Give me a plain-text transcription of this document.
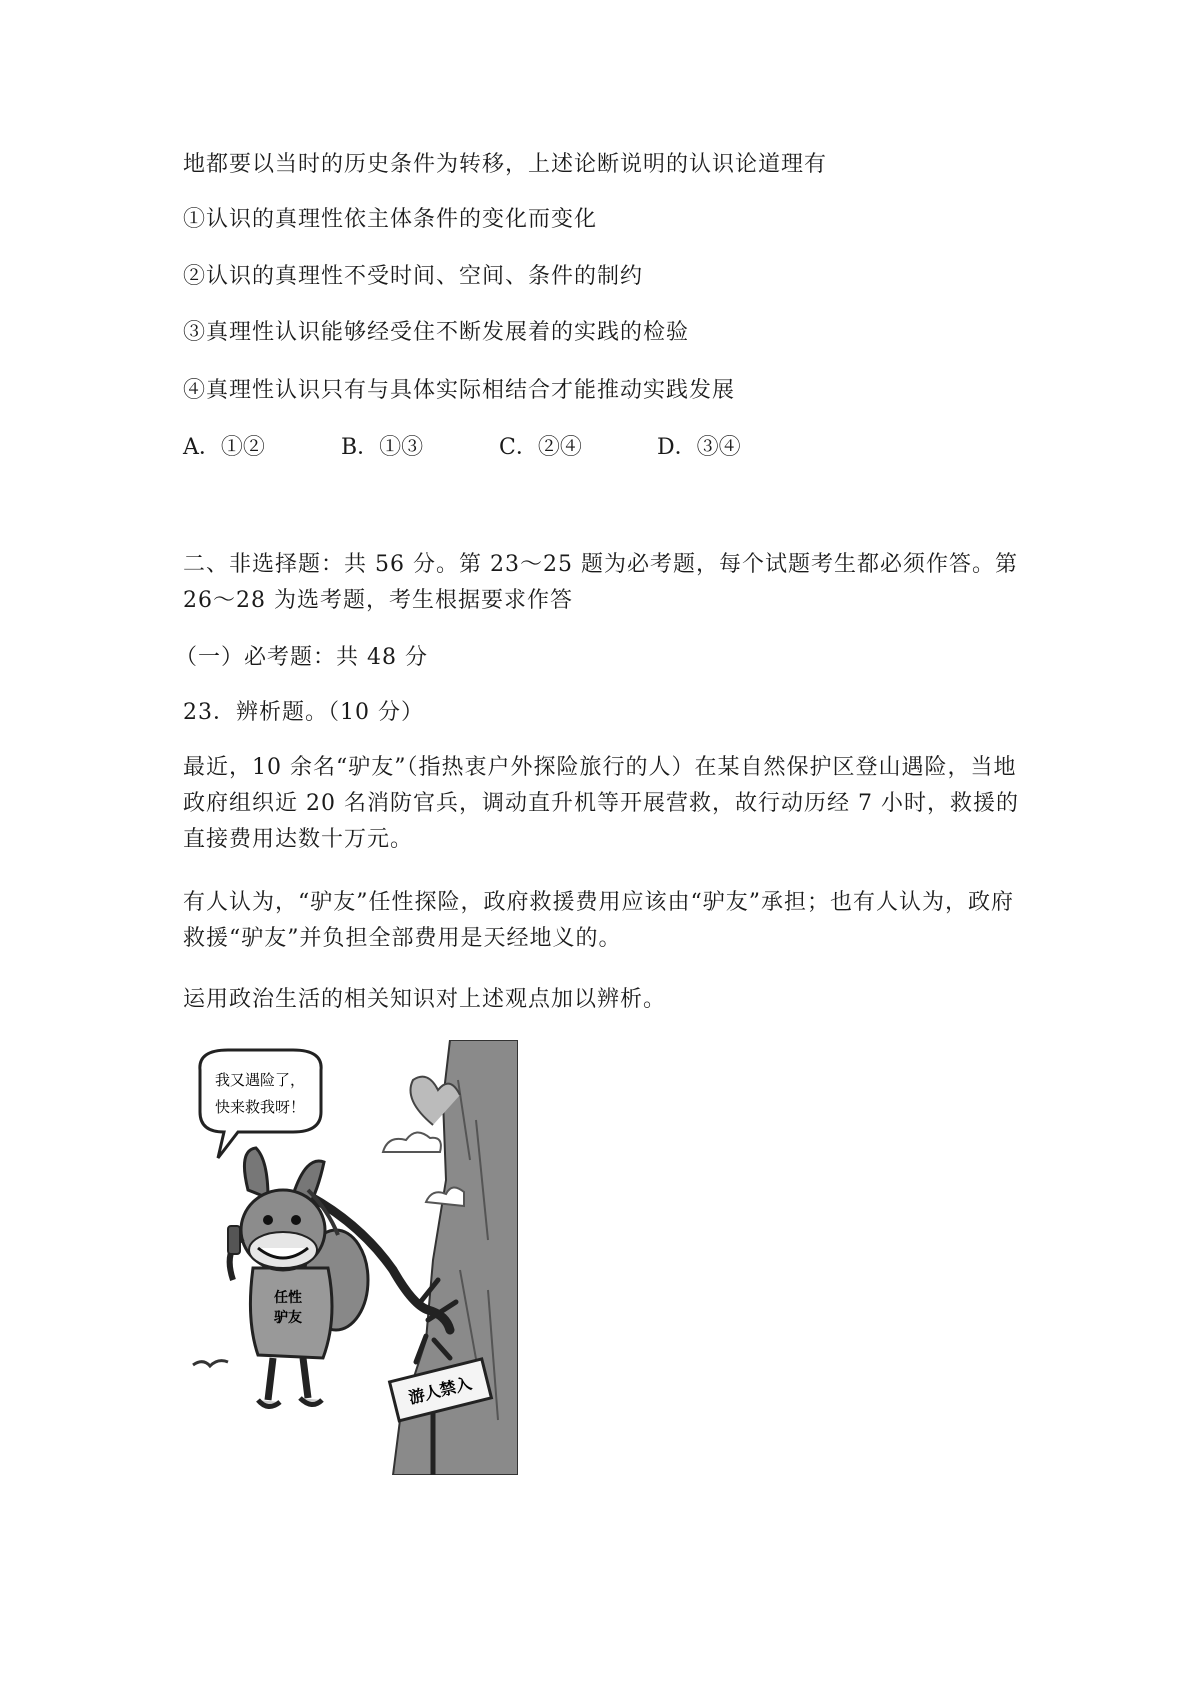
地都要以当时的历史条件为转移，上述论断说明的认识论道理有
①认识的真理性依主体条件的变化而变化
②认识的真理性不受时间、空间、条件的制约
③真理性认识能够经受住不断发展着的实践的检验
④真理性认识只有与具体实际相结合才能推动实践发展
A．①②	B．①③	C．②④	D．③④
二、非选择题：共 56 分。第 23～25 题为必考题，每个试题考生都必须作答。第 26～28 为选考题，考生根据要求作答
（一）必考题：共 48 分
23．辨析题。（10 分）
最近，10 余名“驴友”（指热衷户外探险旅行的人）在某自然保护区登山遇险，当地政府组织近 20 名消防官兵，调动直升机等开展营救，故行动历经 7 小时，救援的直接费用达数十万元。
有人认为，“驴友”任性探险，政府救援费用应该由“驴友”承担；也有人认为，政府救援“驴友”并负担全部费用是天经地义的。
运用政治生活的相关知识对上述观点加以辨析。
我又遇险了，
快来救我呀！
任性
驴友
游人禁入
